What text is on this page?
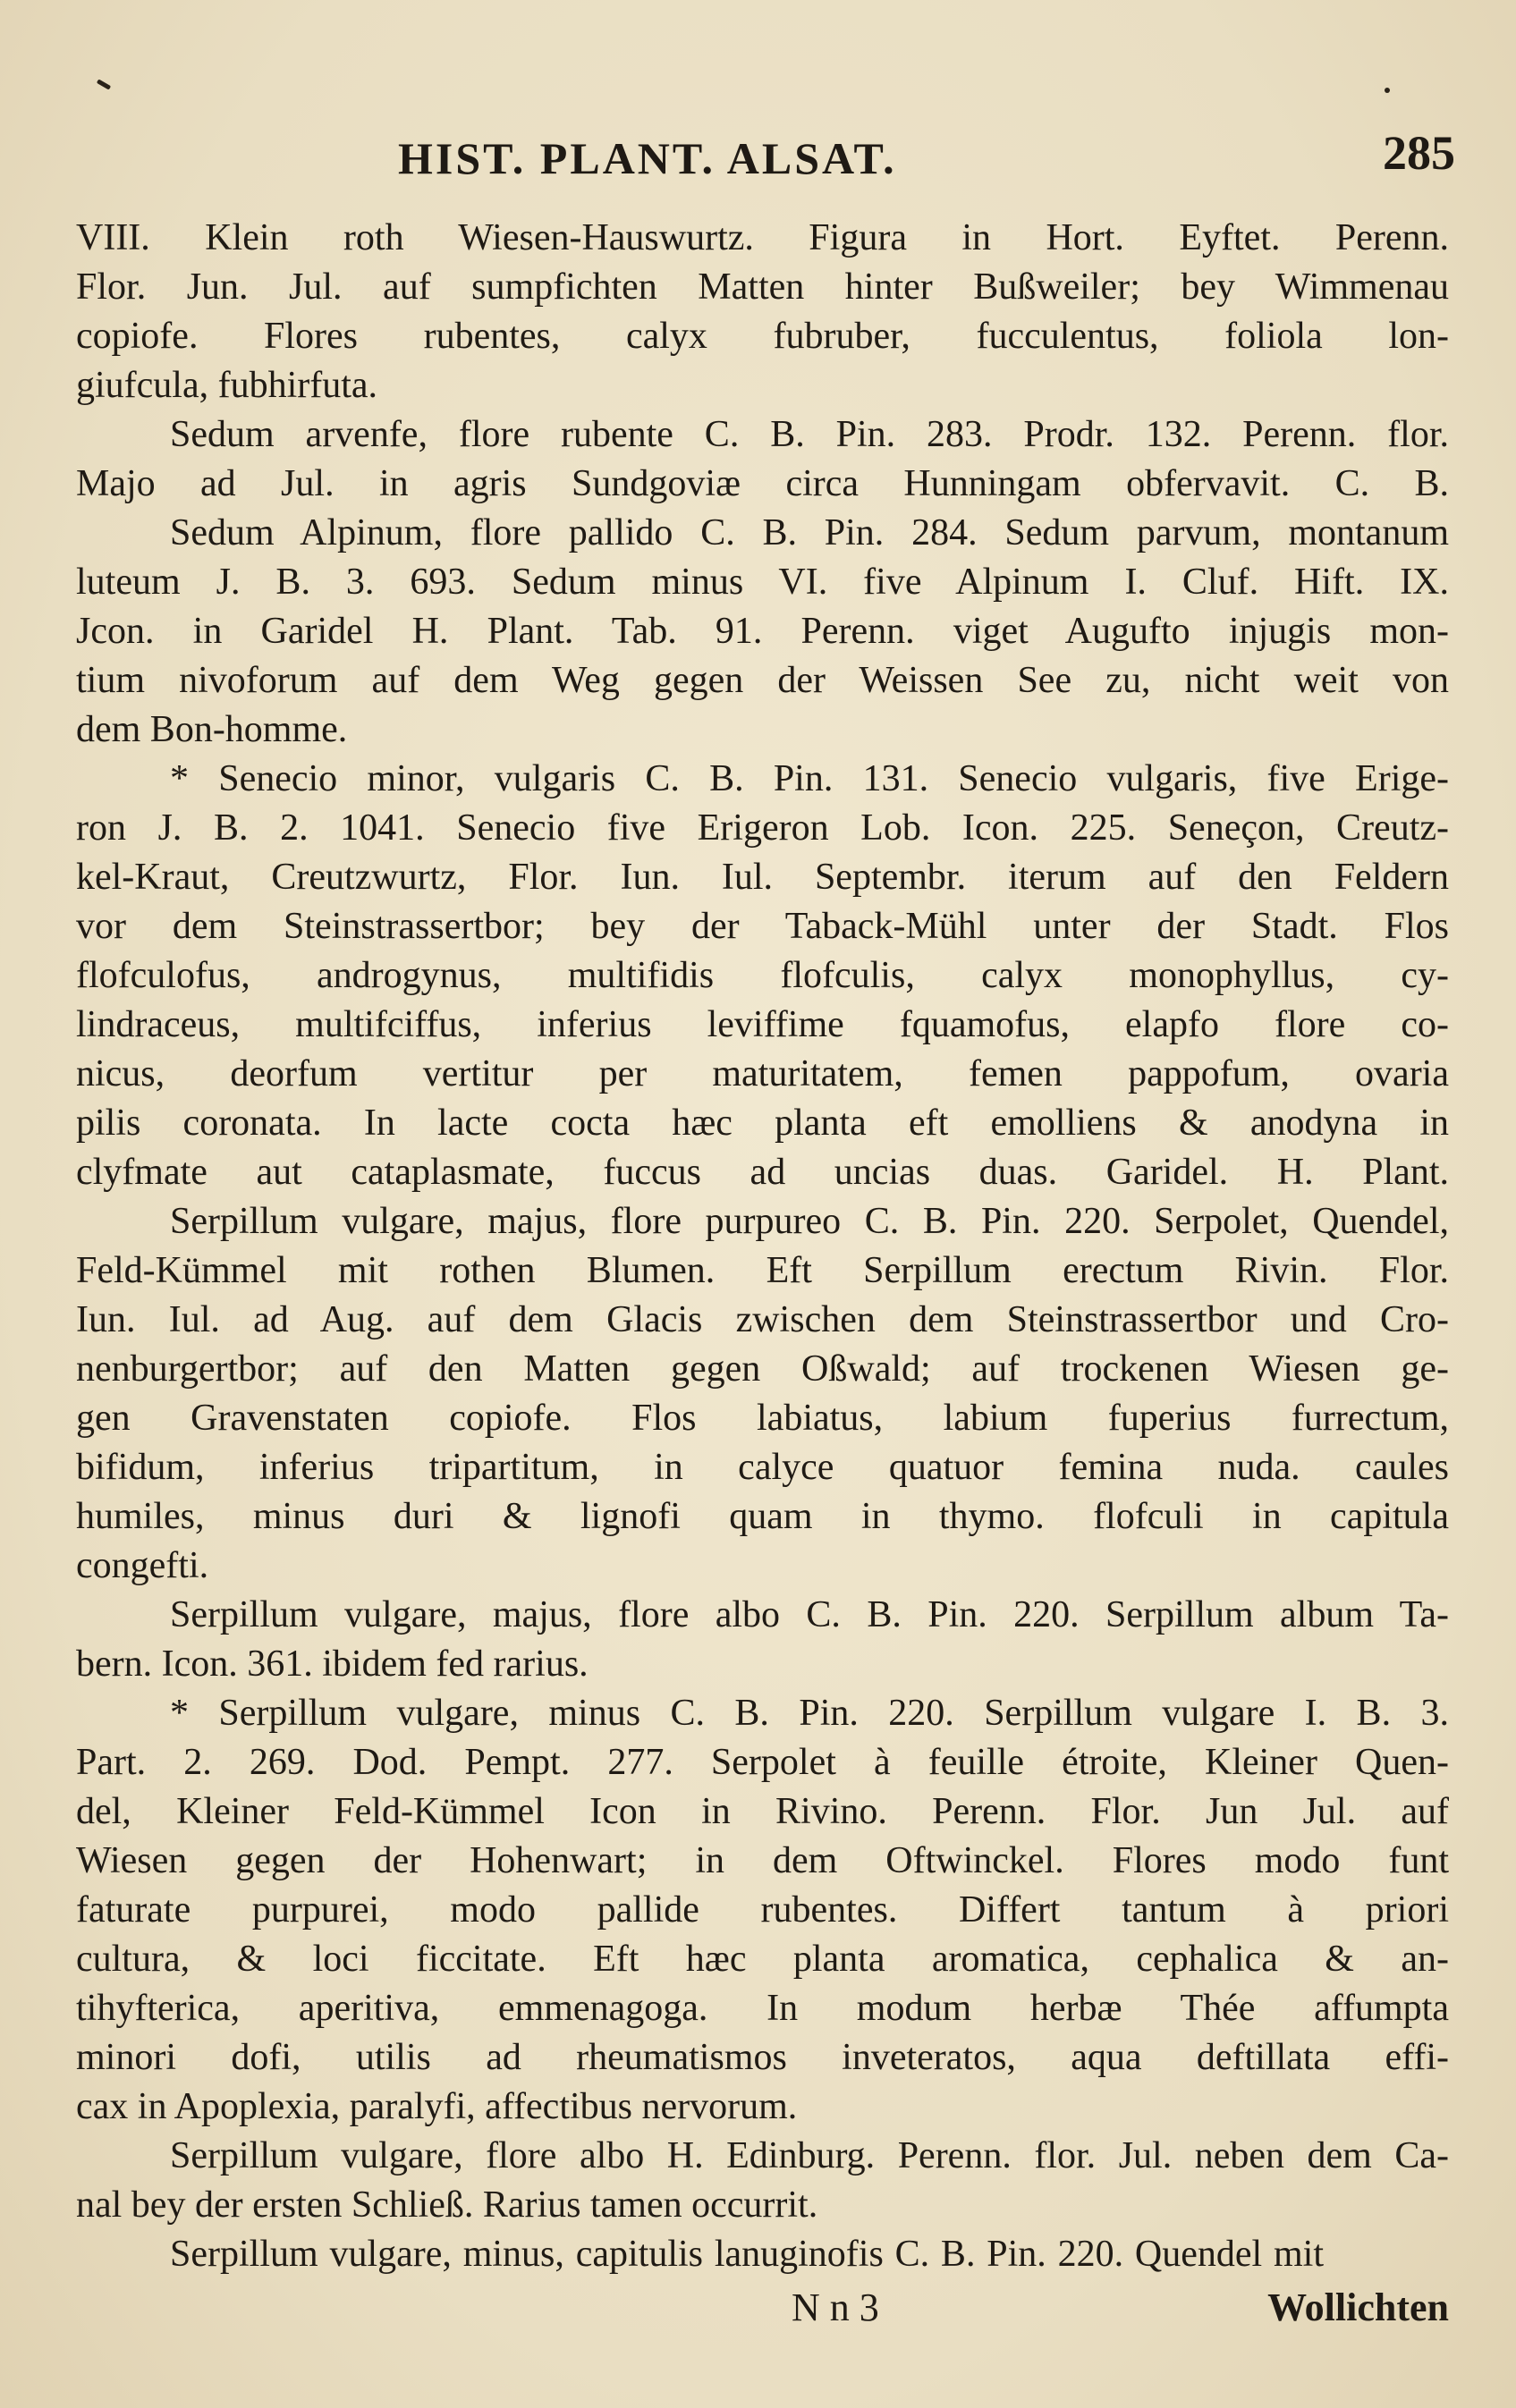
HIST. PLANT. ALSAT.	285
VIII. Klein roth Wiesen-Hauswurtz. Figura in Hort. Eyftet. Perenn.
Flor. Jun. Jul. auf sumpfichten Matten hinter Bußweiler; bey Wimmenau
copiofe. Flores rubentes, calyx fubruber, fucculentus, foliola lon-
giufcula, fubhirfuta.
Sedum arvenfe, flore rubente C. B. Pin. 283. Prodr. 132. Perenn. flor.
Majo ad Jul. in agris Sundgoviæ circa Hunningam obfervavit. C. B.
Sedum Alpinum, flore pallido C. B. Pin. 284. Sedum parvum, montanum
luteum J. B. 3. 693. Sedum minus VI. five Alpinum I. Cluf. Hift. IX.
Jcon. in Garidel H. Plant. Tab. 91. Perenn. viget Augufto injugis mon-
tium nivoforum auf dem Weg gegen der Weissen See zu, nicht weit von
dem Bon-homme.
* Senecio minor, vulgaris C. B. Pin. 131. Senecio vulgaris, five Erige-
ron J. B. 2. 1041. Senecio five Erigeron Lob. Icon. 225. Seneçon, Creutz-
kel-Kraut, Creutzwurtz, Flor. Iun. Iul. Septembr. iterum auf den Feldern
vor dem Steinstrassertbor; bey der Taback-Mühl unter der Stadt. Flos
flofculofus, androgynus, multifidis flofculis, calyx monophyllus, cy-
lindraceus, multifciffus, inferius leviffime fquamofus, elapfo flore co-
nicus, deorfum vertitur per maturitatem, femen pappofum, ovaria
pilis coronata. In lacte cocta hæc planta eft emolliens & anodyna in
clyfmate aut cataplasmate, fuccus ad uncias duas. Garidel. H. Plant.
Serpillum vulgare, majus, flore purpureo C. B. Pin. 220. Serpolet, Quendel,
Feld-Kümmel mit rothen Blumen. Eft Serpillum erectum Rivin. Flor.
Iun. Iul. ad Aug. auf dem Glacis zwischen dem Steinstrassertbor und Cro-
nenburgertbor; auf den Matten gegen Oßwald; auf trockenen Wiesen ge-
gen Gravenstaten copiofe. Flos labiatus, labium fuperius furrectum,
bifidum, inferius tripartitum, in calyce quatuor femina nuda. caules
humiles, minus duri & lignofi quam in thymo. flofculi in capitula
congefti.
Serpillum vulgare, majus, flore albo C. B. Pin. 220. Serpillum album Ta-
bern. Icon. 361. ibidem fed rarius.
* Serpillum vulgare, minus C. B. Pin. 220. Serpillum vulgare I. B. 3.
Part. 2. 269. Dod. Pempt. 277. Serpolet à feuille étroite, Kleiner Quen-
del, Kleiner Feld-Kümmel Icon in Rivino. Perenn. Flor. Jun Jul. auf
Wiesen gegen der Hohenwart; in dem Oftwinckel. Flores modo funt
faturate purpurei, modo pallide rubentes. Differt tantum à priori
cultura, & loci ficcitate. Eft hæc planta aromatica, cephalica & an-
tihyfterica, aperitiva, emmenagoga. In modum herbæ Thée affumpta
minori dofi, utilis ad rheumatismos inveteratos, aqua deftillata effi-
cax in Apoplexia, paralyfi, affectibus nervorum.
Serpillum vulgare, flore albo H. Edinburg. Perenn. flor. Jul. neben dem Ca-
nal bey der ersten Schließ. Rarius tamen occurrit.
Serpillum vulgare, minus, capitulis lanuginofis C. B. Pin. 220. Quendel mit
N n 3	Wollichten
